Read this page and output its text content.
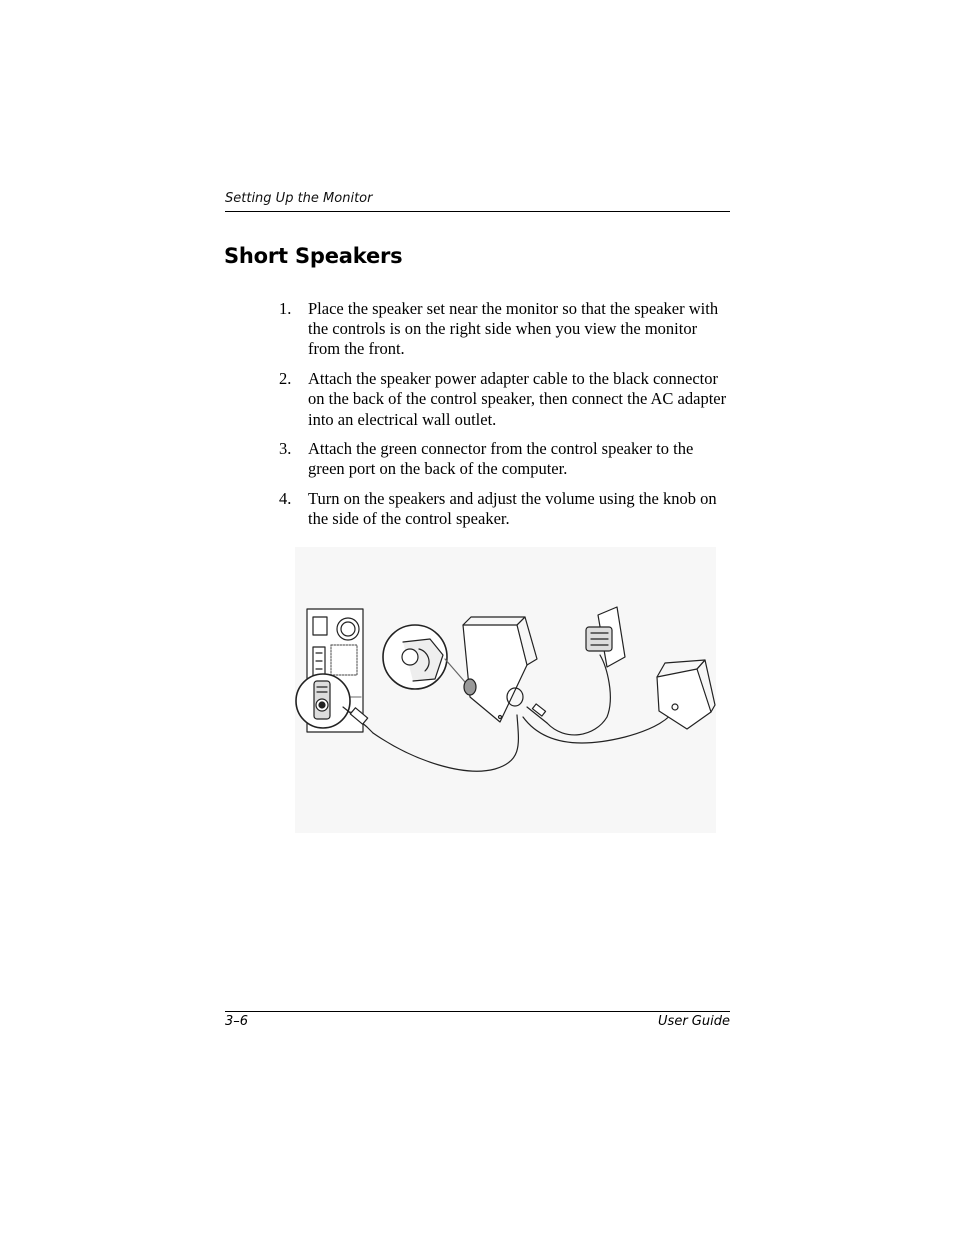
Setting Up the Monitor
Short Speakers
1. Place the speaker set near the monitor so that the speaker with the controls is on the right side when you view the monitor from the front.
2. Attach the speaker power adapter cable to the black connector on the back of the control speaker, then connect the AC adapter into an electrical wall outlet.
3. Attach the green connector from the control speaker to the green port on the back of the computer.
4. Turn on the speakers and adjust the volume using the knob on the side of the control speaker.
3–6	User Guide
